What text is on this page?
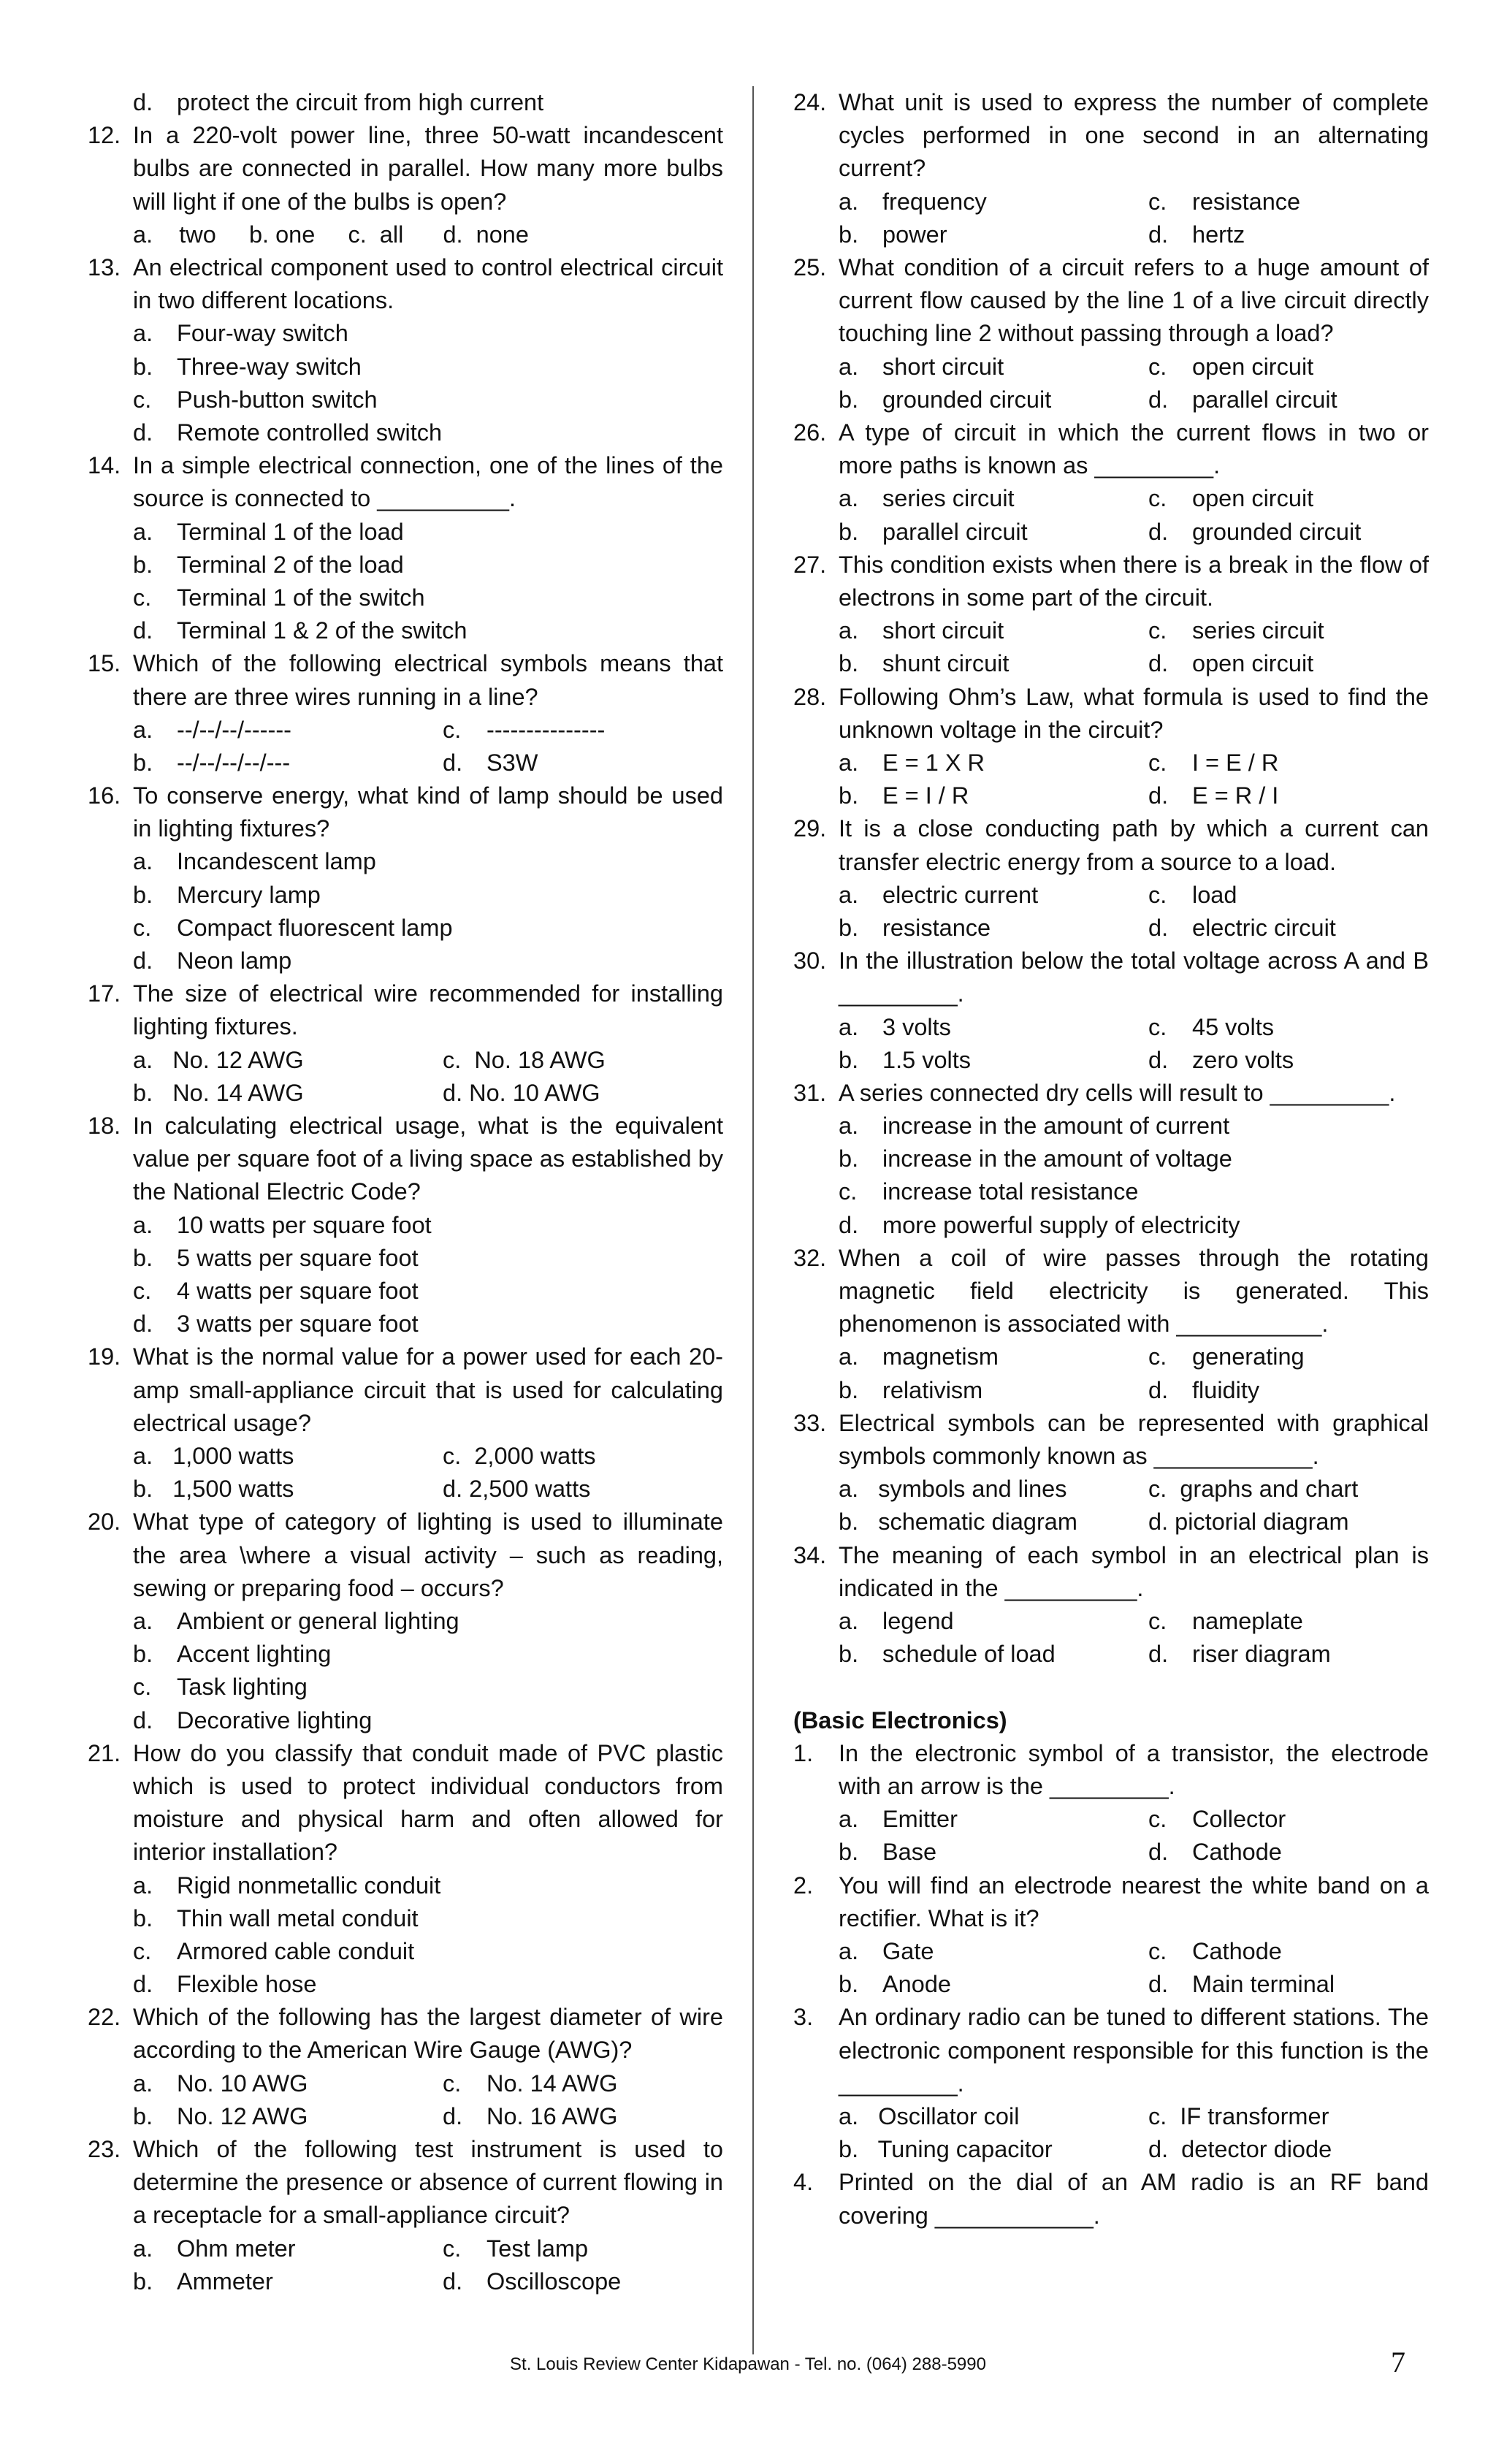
d. protect the circuit from high current
12. In a 220-volt power line, three 50-watt incandescent bulbs are connected in parallel. How many more bulbs will light if one of the bulbs is open?
a.    two     b. one     c.  all      d.  none
13. An electrical component used to control electrical circuit in two different locations.
a. Four-way switch
b. Three-way switch
c. Push-button switch
d. Remote controlled switch
14. In a simple electrical connection, one of the lines of the source is connected to __________.
a. Terminal 1 of the load
b. Terminal 2 of the load
c. Terminal 1 of the switch
d. Terminal 1 & 2 of the switch
15. Which of the following electrical symbols means that there are three wires running in a line?
a. --/--/--/------	c. ---------------
b. --/--/--/--/---	d. S3W
16. To conserve energy, what kind of lamp should be used in lighting fixtures?
a. Incandescent lamp
b. Mercury lamp
c. Compact fluorescent lamp
d. Neon lamp
17. The size of electrical wire recommended for installing lighting fixtures.
a.   No. 12 AWG	c.  No. 18 AWG
b.   No. 14 AWG	d. No. 10 AWG
18. In calculating electrical usage, what is the equivalent value per square foot of a living space as established by the National Electric Code?
a. 10 watts per square foot
b. 5 watts per square foot
c. 4 watts per square foot
d. 3 watts per square foot
19. What is the normal value for a power used for each 20-amp small-appliance circuit that is used for calculating electrical usage?
a.   1,000 watts	c.  2,000 watts
b.   1,500 watts	d. 2,500 watts
20. What type of category of lighting is used to illuminate the area \where a visual activity – such as reading, sewing or preparing food – occurs?
a. Ambient or general lighting
b. Accent lighting
c. Task lighting
d. Decorative lighting
21. How do you classify that conduit made of PVC plastic which is used to protect individual conductors from moisture and physical harm and often allowed for interior installation?
a. Rigid nonmetallic conduit
b. Thin wall metal conduit
c. Armored cable conduit
d. Flexible hose
22. Which of the following has the largest diameter of wire according to the American Wire Gauge (AWG)?
a. No. 10 AWG	c. No. 14 AWG
b. No. 12 AWG	d. No. 16 AWG
23. Which of the following test instrument is used to determine the presence or absence of current flowing in a receptacle for a small-appliance circuit?
a. Ohm meter	c. Test lamp
b. Ammeter	d. Oscilloscope
24. What unit is used to express the number of complete cycles performed in one second in an alternating current?
a. frequency	c. resistance
b. power	d. hertz
25. What condition of a circuit refers to a huge amount of current flow caused by the line 1 of a live circuit directly touching line 2 without passing through a load?
a. short circuit	c. open circuit
b. grounded circuit	d. parallel circuit
26. A type of circuit in which the current flows in two or more paths is known as _________.
a. series circuit	c. open circuit
b. parallel circuit	d. grounded circuit
27. This condition exists when there is a break in the flow of electrons in some part of the circuit.
a. short circuit	c. series circuit
b. shunt circuit	d. open circuit
28. Following Ohm’s Law, what formula is used to find the unknown voltage in the circuit?
a. E = 1 X R	c. I = E / R
b. E = I / R	d. E = R / I
29. It is a close conducting path by which a current can transfer electric energy from a source to a load.
a. electric current	c. load
b. resistance	d. electric circuit
30. In the illustration below the total voltage across A and B _________.
a. 3 volts	c. 45 volts
b. 1.5 volts	d. zero volts
31. A series connected dry cells will result to _________.
a. increase in the amount of current
b. increase in the amount of voltage
c. increase total resistance
d. more powerful supply of electricity
32. When a coil of wire passes through the rotating magnetic field electricity is generated. This phenomenon is associated with ___________.
a. magnetism	c. generating
b. relativism	d. fluidity
33. Electrical symbols can be represented with graphical symbols commonly known as ____________.
a.   symbols and lines	c.  graphs and chart
b.   schematic diagram	d. pictorial diagram
34. The meaning of each symbol in an electrical plan is indicated in the __________.
a. legend	c. nameplate
b. schedule of load	d. riser diagram
(Basic Electronics)
1. In the electronic symbol of a transistor, the electrode with an arrow is the _________.
a. Emitter	c. Collector
b. Base	d. Cathode
2. You will find an electrode nearest the white band on a rectifier. What is it?
a. Gate	c. Cathode
b. Anode	d. Main terminal
3. An ordinary radio can be tuned to different stations. The electronic component responsible for this function is the _________.
a.   Oscillator coil	c.  IF transformer
b.   Tuning capacitor	d.  detector diode
4. Printed on the dial of an AM radio is an RF band covering ____________.
St. Louis Review Center Kidapawan - Tel. no. (064) 288-5990	7
